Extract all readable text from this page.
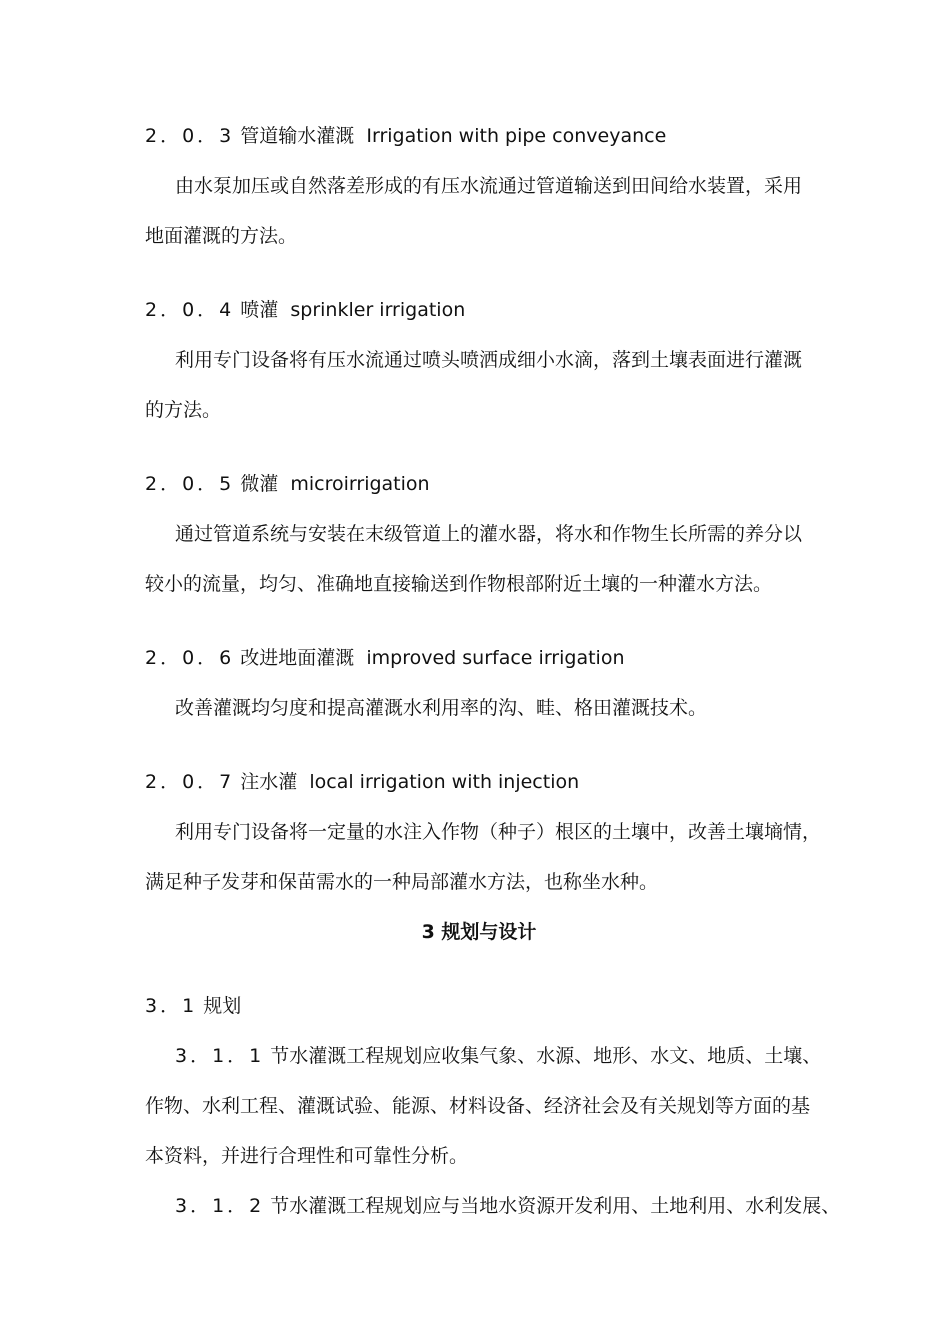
2．0．3 管道输水灌溉 Irrigation with pipe conveyance
由水泵加压或自然落差形成的有压水流通过管道输送到田间给水装置，采用
地面灌溉的方法。
2．0．4 喷灌 sprinkler irrigation
利用专门设备将有压水流通过喷头喷洒成细小水滴，落到土壤表面进行灌溉
的方法。
2．0．5 微灌 microirrigation
通过管道系统与安装在末级管道上的灌水器，将水和作物生长所需的养分以
较小的流量，均匀、准确地直接输送到作物根部附近土壤的一种灌水方法。
2．0．6 改进地面灌溉 improved surface irrigation
改善灌溉均匀度和提高灌溉水利用率的沟、畦、格田灌溉技术。
2．0．7 注水灌 local irrigation with injection
利用专门设备将一定量的水注入作物（种子）根区的土壤中，改善土壤墒情，
满足种子发芽和保苗需水的一种局部灌水方法，也称坐水种。
3 规划与设计
3．1 规划
3．1．1 节水灌溉工程规划应收集气象、水源、地形、水文、地质、土壤、
作物、水利工程、灌溉试验、能源、材料设备、经济社会及有关规划等方面的基
本资料，并进行合理性和可靠性分析。
3．1．2 节水灌溉工程规划应与当地水资源开发利用、土地利用、水利发展、
